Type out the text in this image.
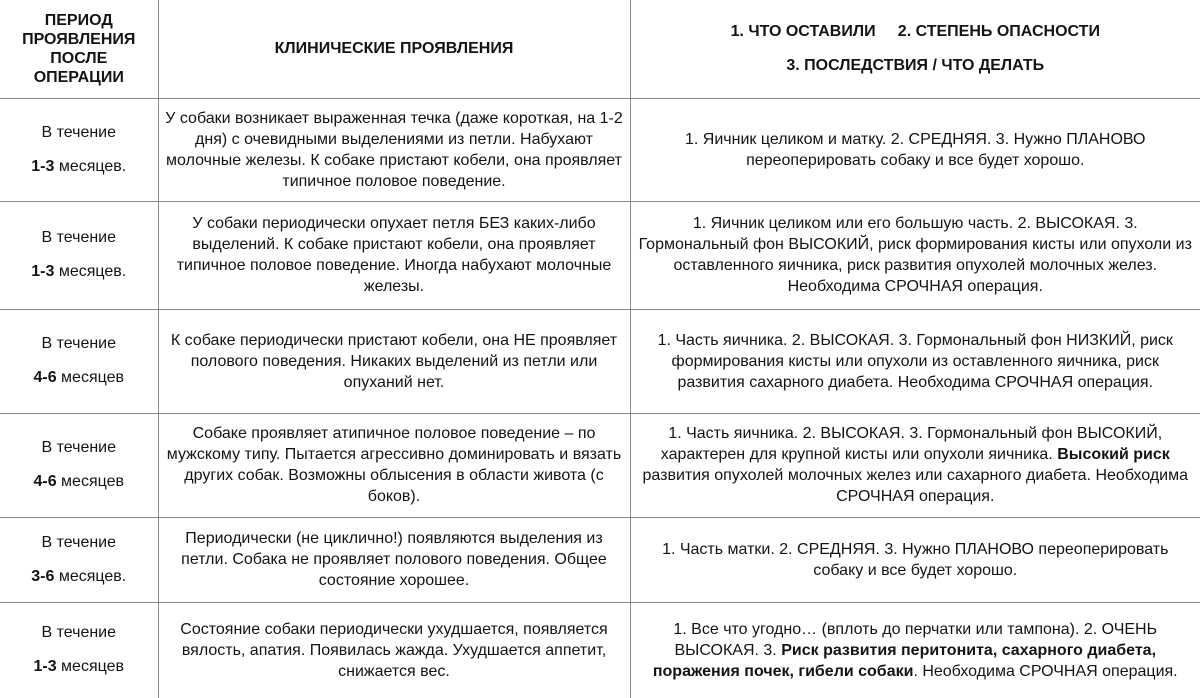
ПЕРИОД ПРОЯВЛЕНИЯ ПОСЛЕ ОПЕРАЦИИ	КЛИНИЧЕСКИЕ ПРОЯВЛЕНИЯ	1. ЧТО ОСТАВИЛИ     2. СТЕПЕНЬ ОПАСНОСТИ
3. ПОСЛЕДСТВИЯ / ЧТО ДЕЛАТЬ

В течение
1-3 месяцев.	У собаки возникает выраженная течка (даже короткая, на 1-2 дня) с очевидными выделениями из петли. Набухают молочные железы. К собаке пристают кобели, она проявляет типичное половое поведение.	1. Яичник целиком и матку. 2. СРЕДНЯЯ. 3. Нужно ПЛАНОВО переоперировать собаку и все будет хорошо.

В течение
1-3 месяцев.	У собаки периодически опухает петля БЕЗ каких-либо выделений. К собаке пристают кобели, она проявляет типичное половое поведение. Иногда набухают молочные железы.	1. Яичник целиком или его большую часть. 2. ВЫСОКАЯ. 3. Гормональный фон ВЫСОКИЙ, риск формирования кисты или опухоли из оставленного яичника, риск развития опухолей молочных желез. Необходима СРОЧНАЯ операция.

В течение
4-6 месяцев	К собаке периодически пристают кобели, она НЕ проявляет полового поведения. Никаких выделений из петли или опуханий нет.	1. Часть яичника. 2. ВЫСОКАЯ. 3. Гормональный фон НИЗКИЙ, риск формирования кисты или опухоли из оставленного яичника, риск развития сахарного диабета. Необходима СРОЧНАЯ операция.

В течение
4-6 месяцев	Собаке проявляет атипичное половое поведение – по мужскому типу. Пытается агрессивно доминировать и вязать других собак. Возможны облысения в области живота (с боков).	1. Часть яичника. 2. ВЫСОКАЯ. 3. Гормональный фон ВЫСОКИЙ, характерен для крупной кисты или опухоли яичника. Высокий риск развития опухолей молочных желез или сахарного диабета. Необходима СРОЧНАЯ операция.

В течение
3-6 месяцев.	Периодически (не циклично!) появляются выделения из петли. Собака не проявляет полового поведения. Общее состояние хорошее.	1. Часть матки. 2. СРЕДНЯЯ. 3. Нужно ПЛАНОВО переоперировать собаку и все будет хорошо.

В течение
1-3 месяцев	Состояние собаки периодически ухудшается, появляется вялость, апатия. Появилась жажда. Ухудшается аппетит, снижается вес.	1. Все что угодно… (вплоть до перчатки или тампона). 2. ОЧЕНЬ ВЫСОКАЯ. 3. Риск развития перитонита, сахарного диабета, поражения почек, гибели собаки. Необходима СРОЧНАЯ операция.
